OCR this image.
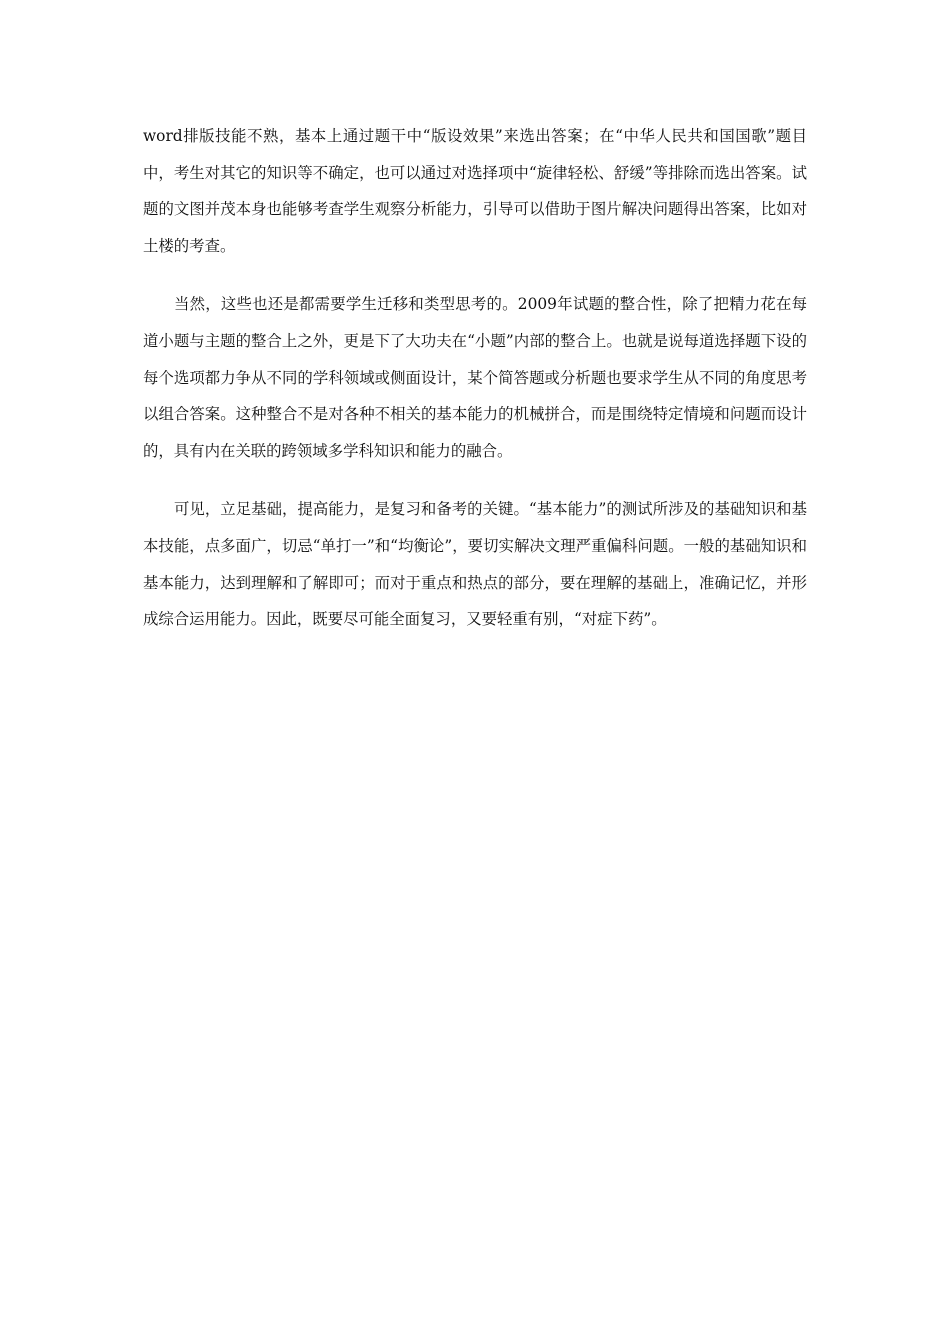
word排版技能不熟，基本上通过题干中“版设效果”来选出答案；在“中华人民共和国国歌”题目中，考生对其它的知识等不确定，也可以通过对选择项中“旋律轻松、舒缓”等排除而选出答案。试题的文图并茂本身也能够考查学生观察分析能力，引导可以借助于图片解决问题得出答案，比如对土楼的考查。

当然，这些也还是都需要学生迁移和类型思考的。2009年试题的整合性，除了把精力花在每道小题与主题的整合上之外，更是下了大功夫在“小题”内部的整合上。也就是说每道选择题下设的每个选项都力争从不同的学科领域或侧面设计，某个简答题或分析题也要求学生从不同的角度思考以组合答案。这种整合不是对各种不相关的基本能力的机械拼合，而是围绕特定情境和问题而设计的，具有内在关联的跨领域多学科知识和能力的融合。

可见，立足基础，提高能力，是复习和备考的关键。“基本能力”的测试所涉及的基础知识和基本技能，点多面广，切忌“单打一”和“均衡论”，要切实解决文理严重偏科问题。一般的基础知识和基本能力，达到理解和了解即可；而对于重点和热点的部分，要在理解的基础上，准确记忆，并形成综合运用能力。因此，既要尽可能全面复习，又要轻重有别，“对症下药”。
